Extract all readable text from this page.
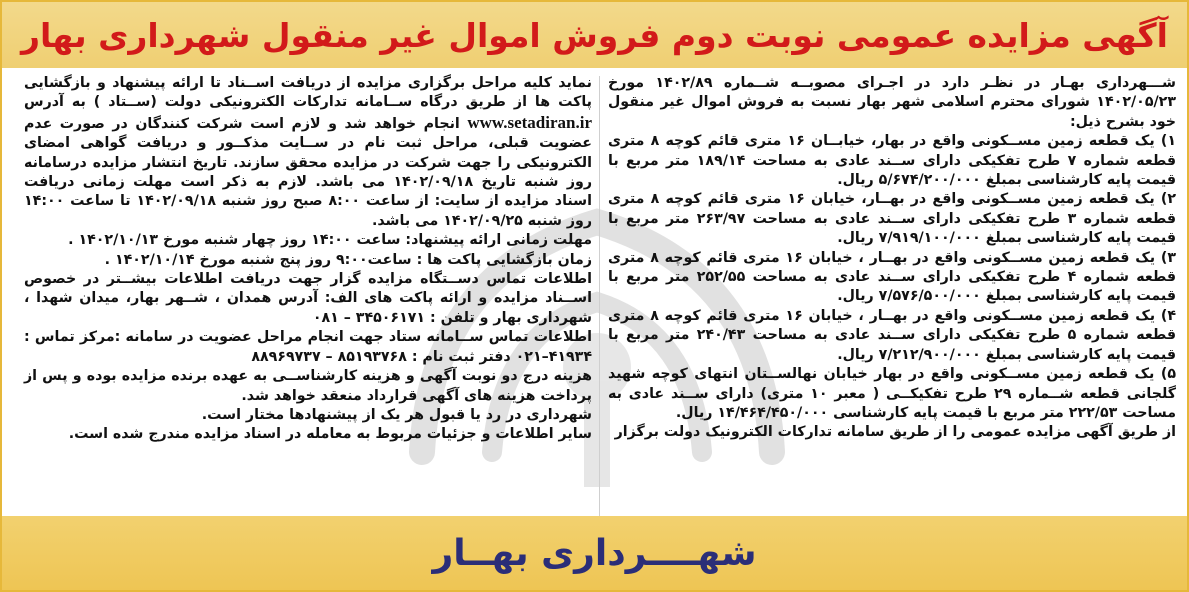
آگهی مزایده عمومی نوبت دوم فروش اموال غیر منقول شهرداری بهار

شـــهرداری بهـار در نظـر دارد در اجـرای مصوبــه شــماره ۱۴۰۲/۸۹ مورخ ۱۴۰۲/۰۵/۲۳ شورای محترم اسلامی شهر بهار نسبت به فروش اموال غیر منقول خود بشرح ذیل:

۱) یک قطعه زمین مســکونی واقع در بهار، خیابــان ۱۶ متری قائم کوچه ۸ متری قطعه شماره ۷ طرح تفکیکی دارای ســند عادی به مساحت ۱۸۹/۱۴ متر مربع با قیمت پایه کارشناسی بمبلغ ۵/۶۷۴/۲۰۰/۰۰۰ ریال.

۲) یک قطعه زمین مســکونی واقع در بهــار، خیابان ۱۶ متری قائم کوچه ۸ متری قطعه شماره ۳ طرح تفکیکی دارای ســند عادی به مساحت ۲۶۳/۹۷ متر مربع با قیمت پایه کارشناسی بمبلغ ۷/۹۱۹/۱۰۰/۰۰۰ ریال.

۳) یک قطعه زمین مســکونی واقع در بهــار ، خیابان ۱۶ متری قائم کوچه ۸ متری قطعه شماره ۴ طرح تفکیکی دارای ســند عادی به مساحت ۲۵۲/۵۵ متر مربع با قیمت پایه کارشناسی بمبلغ ۷/۵۷۶/۵۰۰/۰۰۰ ریال.

۴) یک قطعه زمین مســکونی واقع در بهــار ، خیابان ۱۶ متری قائم کوچه ۸ متری قطعه شماره ۵ طرح تفکیکی دارای ســند عادی به مساحت ۲۴۰/۴۳ متر مربع با قیمت پایه کارشناسی بمبلغ ۷/۲۱۲/۹۰۰/۰۰۰ ریال.

۵) یک قطعه زمین مســکونی واقع در بهار خیابان نهالســتان انتهای کوچه شهید گلجانی قطعه شــماره ۲۹ طرح تفکیکــی ( معبر ۱۰ متری) دارای ســند عادی به مساحت ۲۲۲/۵۳ متر مربع با قیمت پایه کارشناسی ۱۴/۴۶۴/۴۵۰/۰۰۰ ریال.

از طریق آگهی مزایده عمومی را از طریق سامانه تدارکات الکترونیک دولت برگزار

نماید کلیه مراحل برگزاری مزایده از دریافت اســناد تا ارائه پیشنهاد و بازگشایی پاکت ها از طریق درگاه ســامانه تدارکات الکترونیکی دولت (ســتاد ) به آدرس www.setadiran.ir انجام خواهد شد و لازم است شرکت کنندگان در صورت عدم عضویت قبلی، مراحل ثبت نام در ســایت مذکــور و دریافت گواهی امضای الکترونیکی را جهت شرکت در مزایده محقق سازند. تاریخ انتشار مزایده درسامانه روز شنبه تاریخ ۱۴۰۲/۰۹/۱۸ می باشد. لازم به ذکر است مهلت زمانی دریافت اسناد مزایده از سایت: از ساعت ۸:۰۰ صبح روز شنبه ۱۴۰۲/۰۹/۱۸ تا ساعت ۱۴:۰۰ روز شنبه ۱۴۰۲/۰۹/۲۵ می باشد.

مهلت زمانی ارائه پیشنهاد: ساعت ۱۴:۰۰ روز چهار شنبه مورخ ۱۴۰۲/۱۰/۱۳ .

زمان بازگشایی پاکت ها : ساعت۹:۰۰ روز پنج شنبه مورخ ۱۴۰۲/۱۰/۱۴ .

اطلاعات تماس دســتگاه مزایده گزار جهت دریافت اطلاعات بیشــتر در خصوص اســناد مزایده و ارائه پاکت های الف: آدرس همدان ، شــهر بهار، میدان شهدا ، شهرداری بهار و تلفن : ۳۴۵۰۶۱۷۱ – ۰۸۱

اطلاعات تماس ســامانه ستاد جهت انجام مراحل عضویت در سامانه :مرکز تماس : ۴۱۹۳۴–۰۲۱ دفتر ثبت نام : ۸۵۱۹۳۷۶۸ – ۸۸۹۶۹۷۳۷

هزینه درج دو نوبت آگهی و هزینه کارشناســی به عهده برنده مزایده بوده و پس از پرداخت هزینه های آگهی قرارداد منعقد خواهد شد.

شهرداری در رد یا قبول هر یک از پیشنهادها مختار است.

سایر اطلاعات و جزئیات مربوط به معامله در اسناد مزایده مندرج شده است.

شهــــرداری بهــار
